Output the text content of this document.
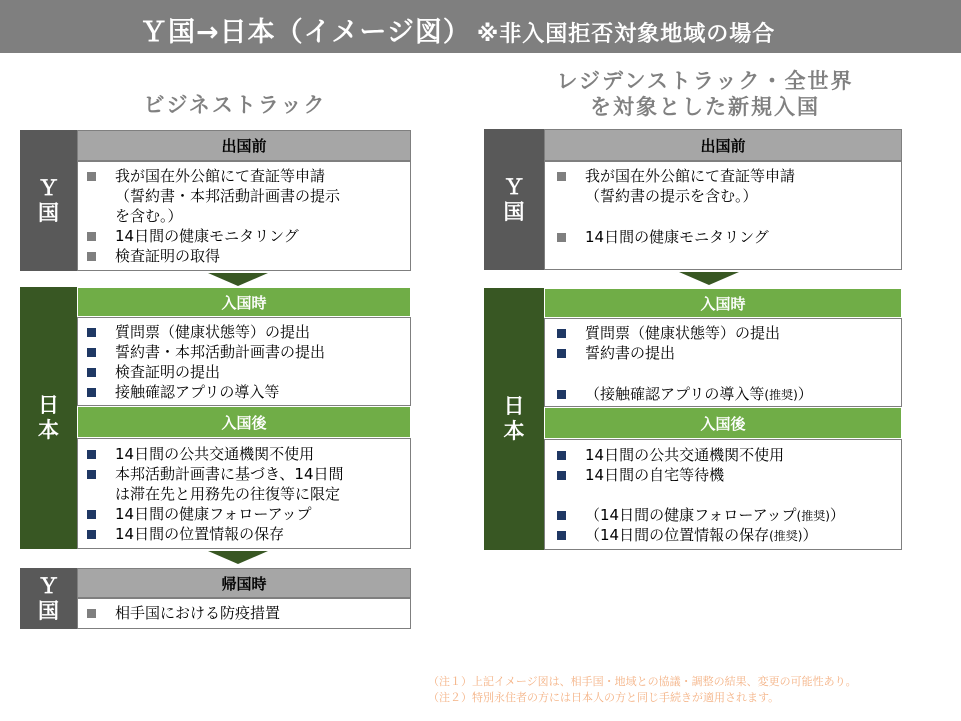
Ｙ国→日本（イメージ図） ※非入国拒否対象地域の場合
ビジネストラック
Ｙ
国
出国前
我が国在外公館にて査証等申請
（誓約書・本邦活動計画書の提示
を含む。）
14日間の健康モニタリング
検査証明の取得
日
本
入国時
質問票（健康状態等）の提出
誓約書・本邦活動計画書の提出
検査証明の提出
接触確認アプリの導入等
入国後
14日間の公共交通機関不使用
本邦活動計画書に基づき、14日間
は滞在先と用務先の往復等に限定
14日間の健康フォローアップ
14日間の位置情報の保存
Ｙ
国
帰国時
相手国における防疫措置
レジデンストラック・全世界
を対象とした新規入国
Ｙ
国
出国前
我が国在外公館にて査証等申請
（誓約書の提示を含む。）
14日間の健康モニタリング
日
本
入国時
質問票（健康状態等）の提出
誓約書の提出
（接触確認アプリの導入等(推奨)）
入国後
14日間の公共交通機関不使用
14日間の自宅等待機
（14日間の健康フォローアップ(推奨)）
（14日間の位置情報の保存(推奨)）
（注１）上記イメージ図は、相手国・地域との協議・調整の結果、変更の可能性あり。
（注２）特別永住者の方には日本人の方と同じ手続きが適用されます。
